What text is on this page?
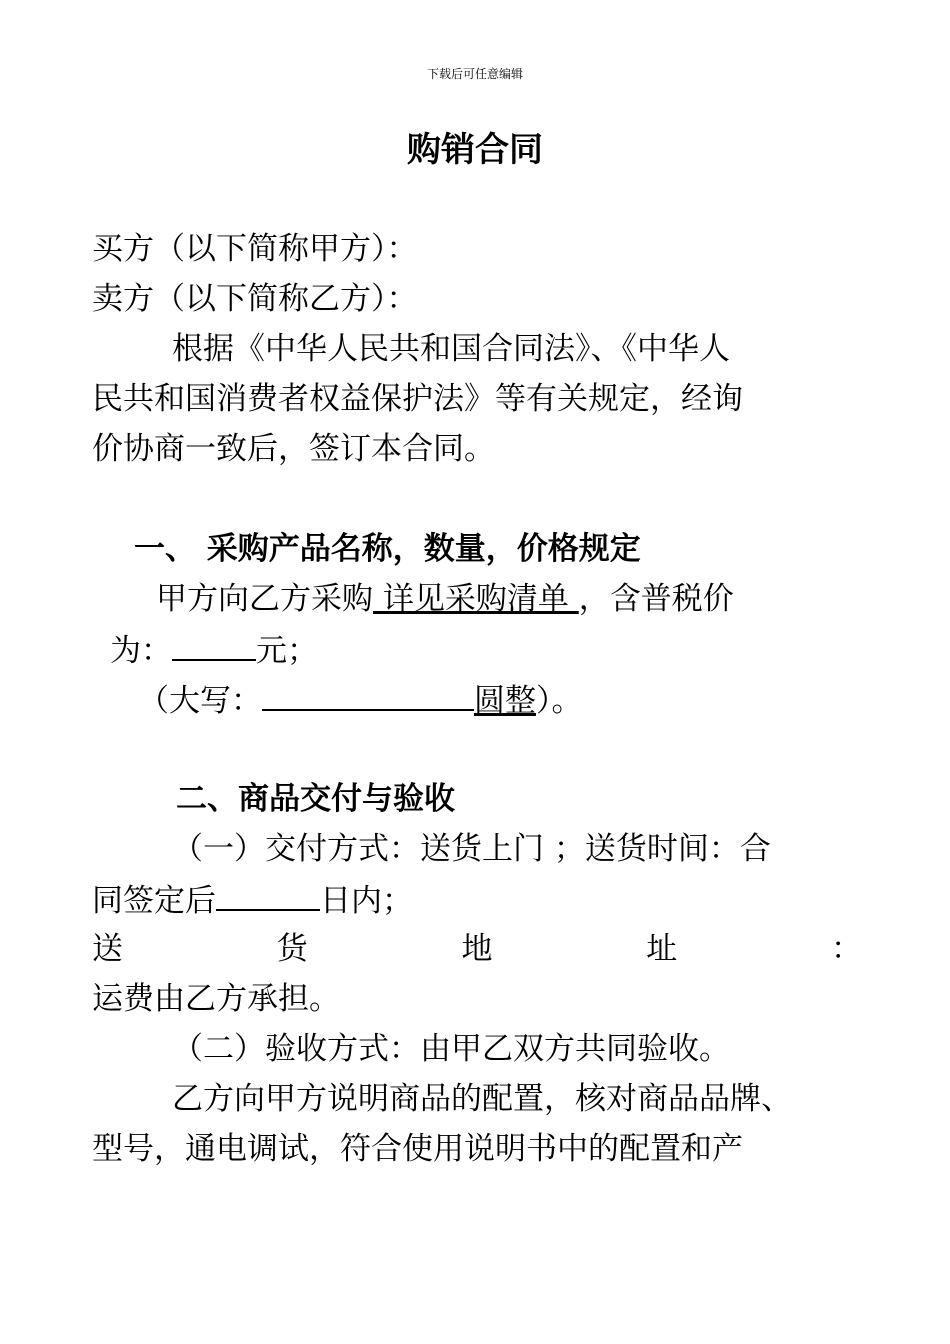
下载后可任意编辑
购销合同
买方（以下简称甲方）：
卖方（以下简称乙方）：
根据《中华人民共和国合同法》、《中华人
民共和国消费者权益保护法》等有关规定，经询
价协商一致后，签订本合同。
一、 采购产品名称，数量，价格规定
甲方向乙方采购 详见采购清单 ，含普税价
为：	元；
（大写：	圆整）。
二、商品交付与验收
（一）交付方式：送货上门 ；送货时间：合
同签定后	日内；
送	货	地	址	：
运费由乙方承担。
（二）验收方式：由甲乙双方共同验收。
乙方向甲方说明商品的配置，核对商品品牌、
型号，通电调试，符合使用说明书中的配置和产
